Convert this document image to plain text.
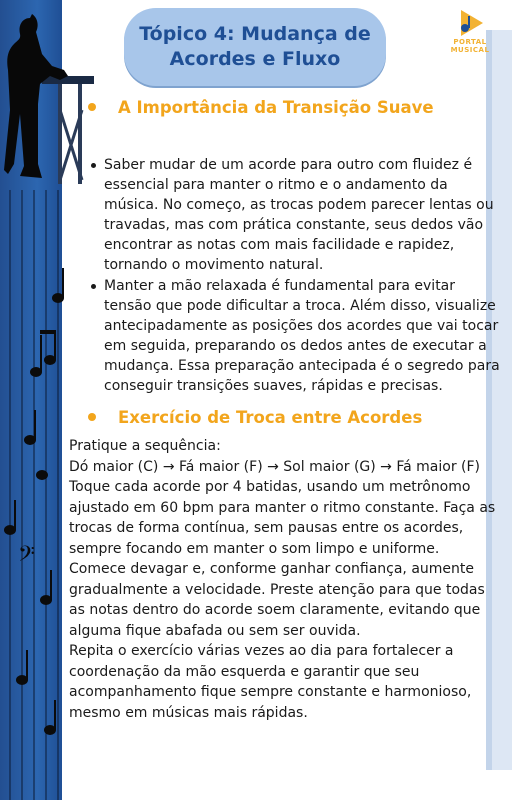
𝄢
Tópico 4: Mudança de
Acordes e Fluxo
PORTAL
MUSICAL
A Importância da Transição Suave
Saber mudar de um acorde para outro com fluidez é essencial para manter o ritmo e o andamento da música. No começo, as trocas podem parecer lentas ou travadas, mas com prática constante, seus dedos vão encontrar as notas com mais facilidade e rapidez, tornando o movimento natural.
Manter a mão relaxada é fundamental para evitar tensão que pode dificultar a troca. Além disso, visualize antecipadamente as posições dos acordes que vai tocar em seguida, preparando os dedos antes de executar a mudança. Essa preparação antecipada é o segredo para conseguir transições suaves, rápidas e precisas.
Exercício de Troca entre Acordes

Pratique a sequência:

Dó maior (C) → Fá maior (F) → Sol maior (G) → Fá maior (F)

Toque cada acorde por 4 batidas, usando um metrônomo ajustado em 60 bpm para manter o ritmo constante. Faça as trocas de forma contínua, sem pausas entre os acordes, sempre focando em manter o som limpo e uniforme.

Comece devagar e, conforme ganhar confiança, aumente gradualmente a velocidade. Preste atenção para que todas as notas dentro do acorde soem claramente, evitando que alguma fique abafada ou sem ser ouvida.

Repita o exercício várias vezes ao dia para fortalecer a coordenação da mão esquerda e garantir que seu acompanhamento fique sempre constante e harmonioso, mesmo em músicas mais rápidas.
